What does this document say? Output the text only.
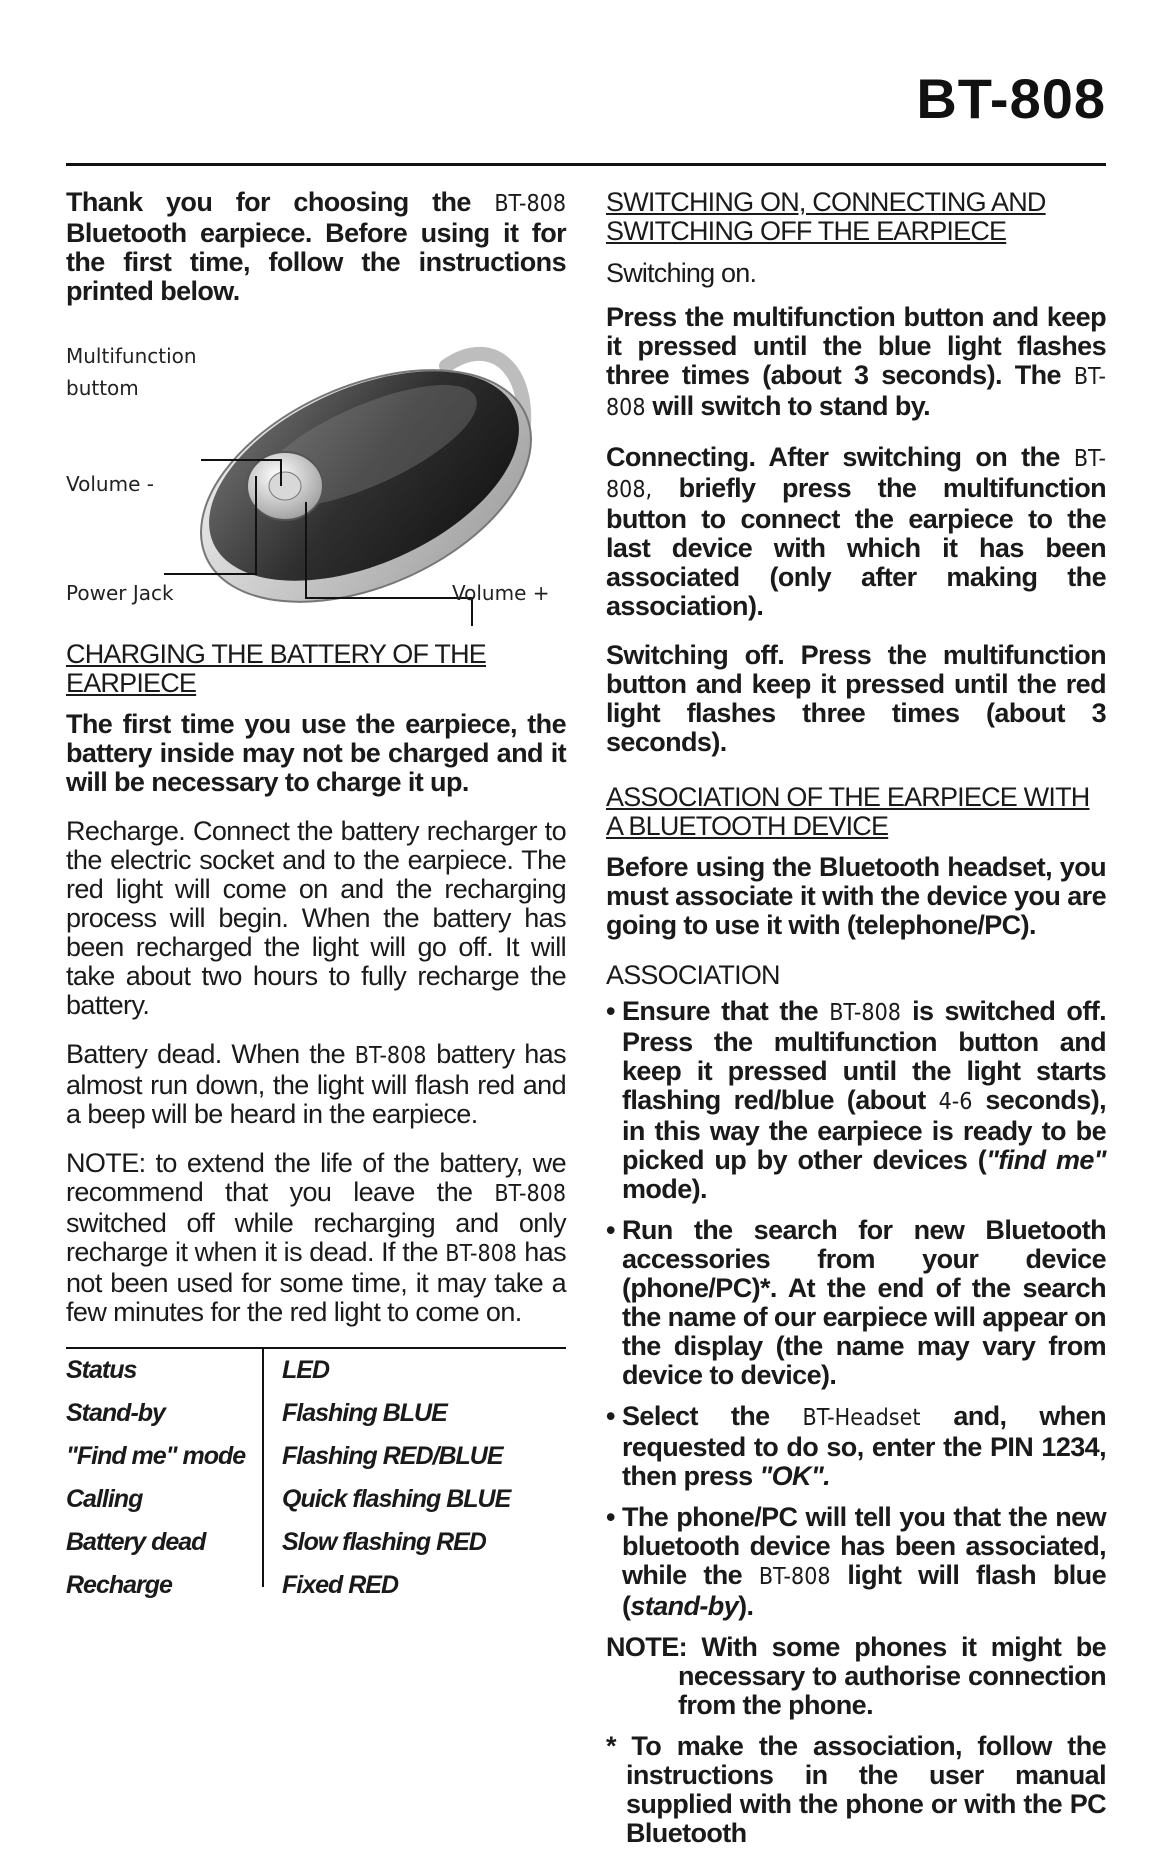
BT-808

Thank you for choosing the BT-808 Bluetooth earpiece. Before using it for the first time, follow the instructions printed below.

Multifunction
buttom
Volume -
Power Jack	Volume +
CHARGING THE BATTERY OF THE EARPIECE

The first time you use the earpiece, the battery inside may not be charged and it will be necessary to charge it up.

Recharge. Connect the battery recharger to the electric socket and to the earpiece. The red light will come on and the recharging process will begin. When the battery has been recharged the light will go off. It will take about two hours to fully recharge the battery.

Battery dead. When the BT-808 battery has almost run down, the light will flash red and a beep will be heard in the earpiece.

NOTE: to extend the life of the battery, we recommend that you leave the BT-808 switched off while recharging and only recharge it when it is dead. If the BT-808 has not been used for some time, it may take a few minutes for the red light to come on.

Status	LED
Stand-by	Flashing BLUE
"Find me" mode	Flashing RED/BLUE
Calling	Quick flashing BLUE
Battery dead	Slow flashing RED
Recharge	Fixed RED
SWITCHING ON, CONNECTING AND SWITCHING OFF THE EARPIECE
Switching on.

Press the multifunction button and keep it pressed until the blue light flashes three times (about 3 seconds). The BT-808 will switch to stand by.

Connecting. After switching on the BT-808, briefly press the multifunction button to connect the earpiece to the last device with which it has been associated (only after making the association).

Switching off. Press the multifunction button and keep it pressed until the red light flashes three times (about 3 seconds).

ASSOCIATION OF THE EARPIECE WITH A BLUETOOTH DEVICE

Before using the Bluetooth headset, you must associate it with the device you are going to use it with (telephone/PC).

ASSOCIATION

• Ensure that the BT-808 is switched off. Press the multifunction button and keep it pressed until the light starts flashing red/blue (about 4-6 seconds), in this way the earpiece is ready to be picked up by other devices ("find me" mode).

• Run the search for new Bluetooth accessories from your device (phone/PC)*. At the end of the search the name of our earpiece will appear on the display (the name may vary from device to device).

• Select the BT-Headset and, when requested to do so, enter the PIN 1234, then press "OK".

• The phone/PC will tell you that the new bluetooth device has been associated, while the BT-808 light will flash blue (stand-by).

NOTE: With some phones it might be necessary to authorise connection from the phone.

* To make the association, follow the instructions in the user manual supplied with the phone or with the PC Bluetooth
